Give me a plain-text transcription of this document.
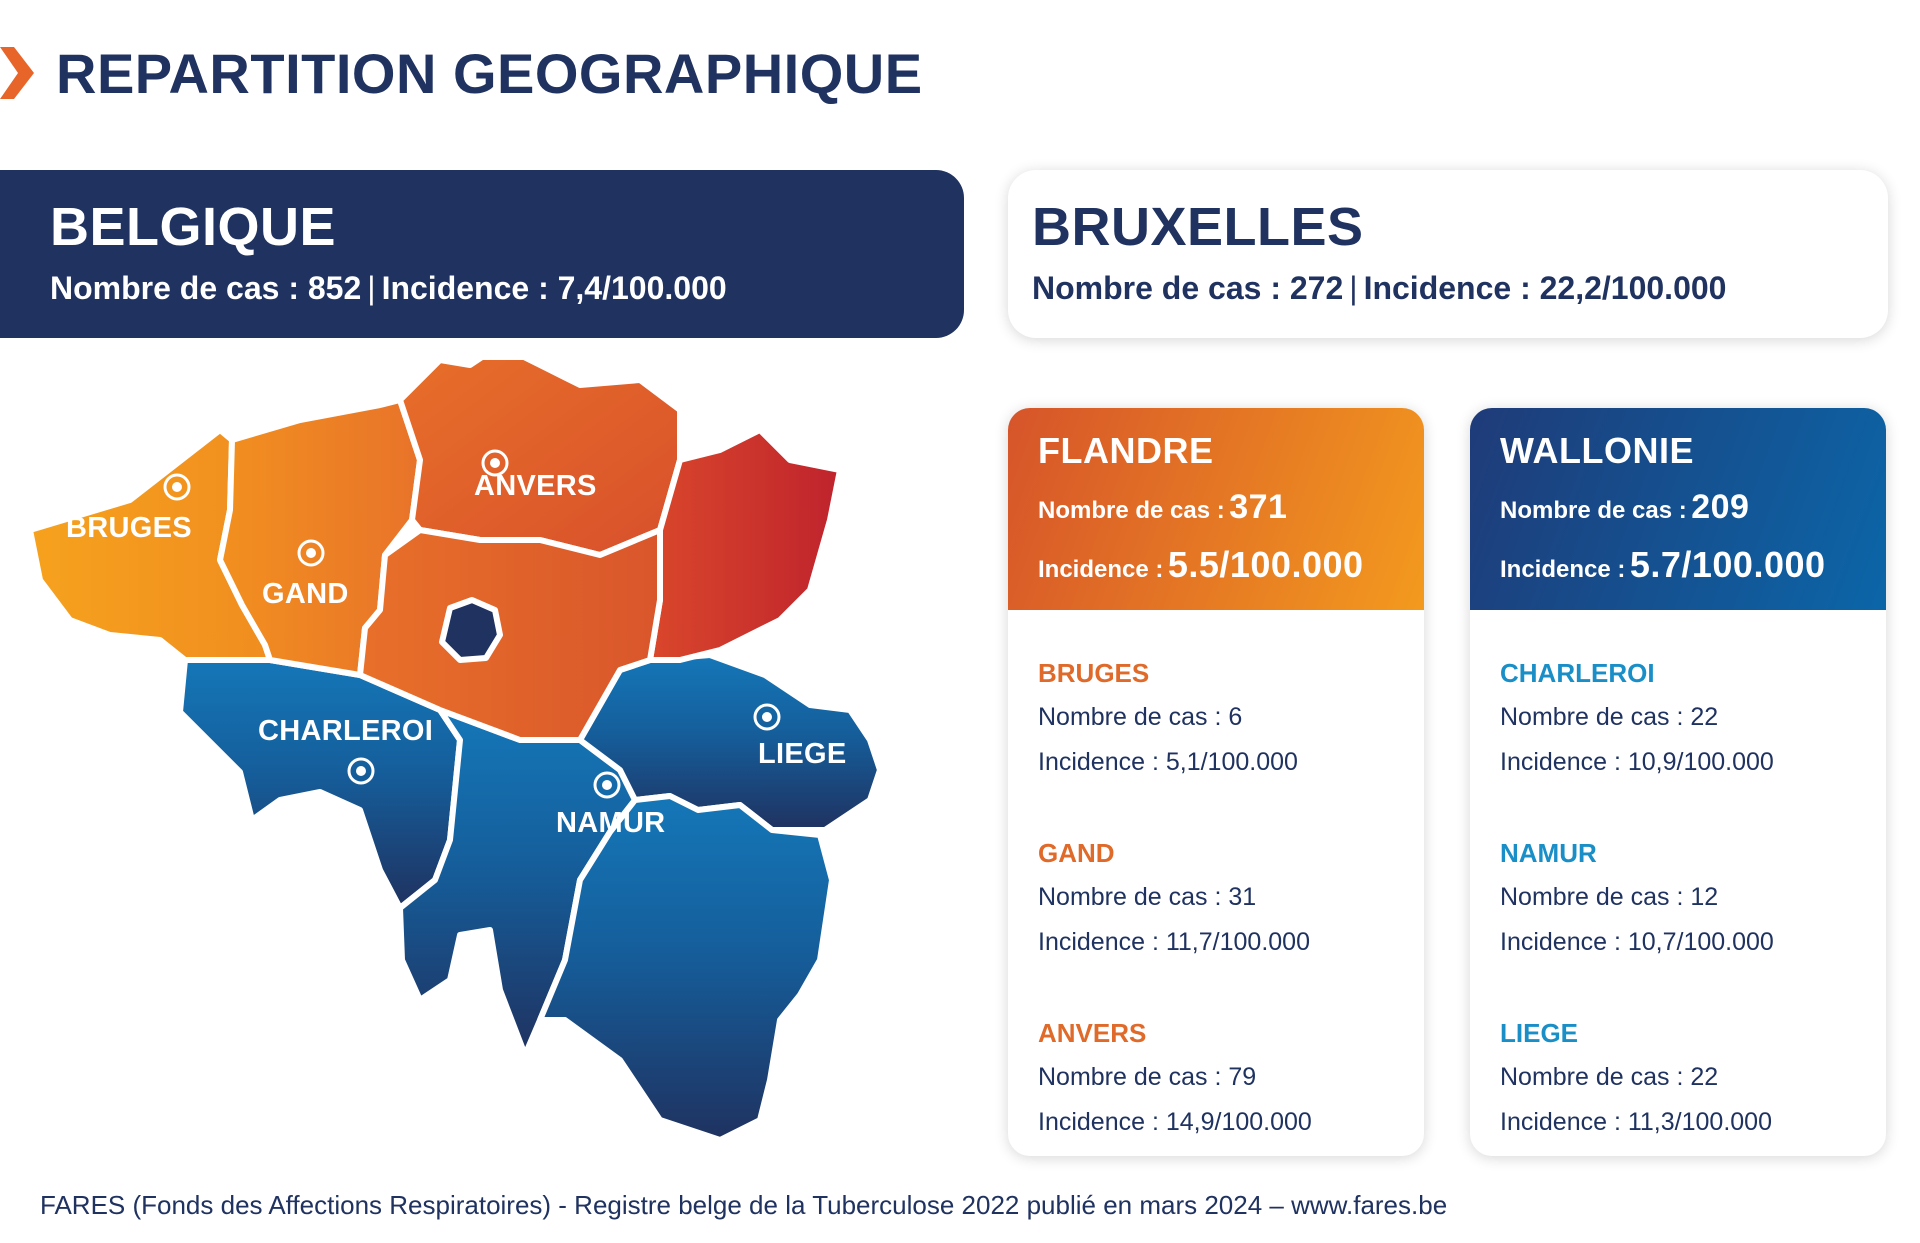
REPARTITION GEOGRAPHIQUE
BELGIQUE
Nombre de cas : 852 | Incidence : 7,4/100.000
BRUXELLES
Nombre de cas : 272 | Incidence : 22,2/100.000
BRUGES
GAND
ANVERS
CHARLEROI
NAMUR
LIEGE
FLANDRE
Nombre de cas : 371
Incidence : 5.5/100.000
BRUGES
Nombre de cas : 6
Incidence : 5,1/100.000
GAND
Nombre de cas : 31
Incidence : 11,7/100.000
ANVERS
Nombre de cas : 79
Incidence : 14,9/100.000
WALLONIE
Nombre de cas : 209
Incidence : 5.7/100.000
CHARLEROI
Nombre de cas : 22
Incidence : 10,9/100.000
NAMUR
Nombre de cas : 12
Incidence : 10,7/100.000
LIEGE
Nombre de cas : 22
Incidence : 11,3/100.000
FARES (Fonds des Affections Respiratoires) - Registre belge de la Tuberculose 2022 publié en mars 2024 – www.fares.be
